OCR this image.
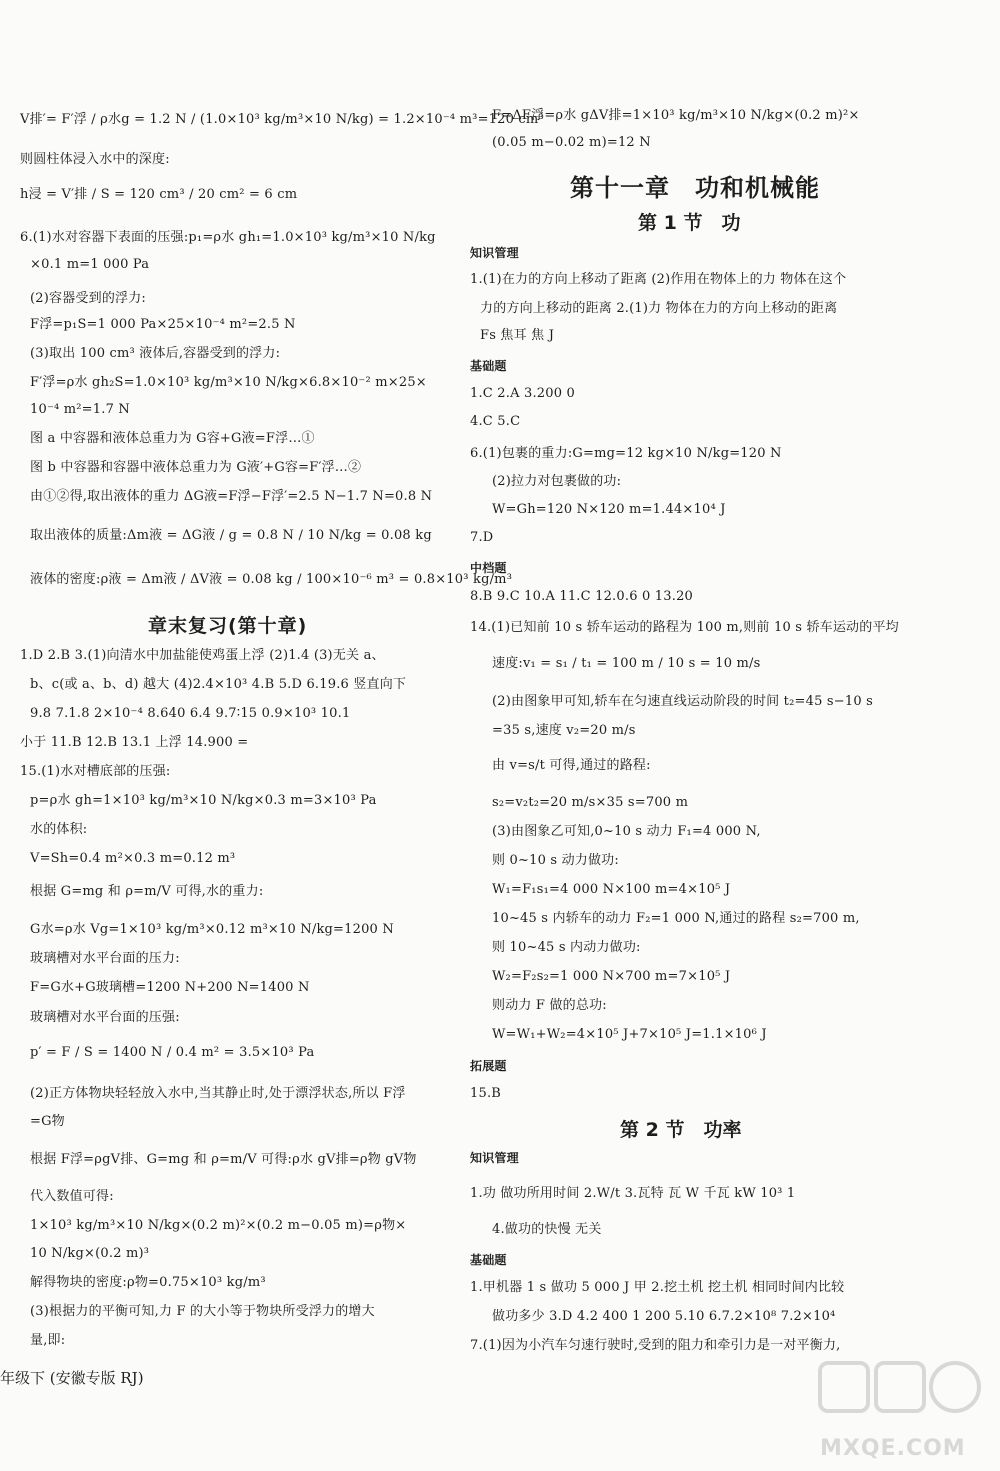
V排′= F′浮 / ρ水g = 1.2 N / (1.0×10³ kg/m³×10 N/kg) = 1.2×10⁻⁴ m³=120 cm³
则圆柱体浸入水中的深度:
h浸 = V′排 / S = 120 cm³ / 20 cm² = 6 cm
6.(1)水对容器下表面的压强:p₁=ρ水 gh₁=1.0×10³ kg/m³×10 N/kg
×0.1 m=1 000 Pa
(2)容器受到的浮力:
F浮=p₁S=1 000 Pa×25×10⁻⁴ m²=2.5 N
(3)取出 100 cm³ 液体后,容器受到的浮力:
F′浮=ρ水 gh₂S=1.0×10³ kg/m³×10 N/kg×6.8×10⁻² m×25×
10⁻⁴ m²=1.7 N
图 a 中容器和液体总重力为 G容+G液=F浮…①
图 b 中容器和容器中液体总重力为 G液′+G容=F′浮…②
由①②得,取出液体的重力 ΔG液=F浮−F浮′=2.5 N−1.7 N=0.8 N
取出液体的质量:Δm液 = ΔG液 / g = 0.8 N / 10 N/kg = 0.08 kg
液体的密度:ρ液 = Δm液 / ΔV液 = 0.08 kg / 100×10⁻⁶ m³ = 0.8×10³ kg/m³
章末复习(第十章)
1.D 2.B 3.(1)向清水中加盐能使鸡蛋上浮 (2)1.4 (3)无关 a、
b、c(或 a、b、d) 越大 (4)2.4×10³ 4.B 5.D 6.19.6 竖直向下
9.8 7.1.8 2×10⁻⁴ 8.640 6.4 9.7∶15 0.9×10³ 10.1
小于 11.B 12.B 13.1 上浮 14.900 =
15.(1)水对槽底部的压强:
p=ρ水 gh=1×10³ kg/m³×10 N/kg×0.3 m=3×10³ Pa
水的体积:
V=Sh=0.4 m²×0.3 m=0.12 m³
根据 G=mg 和 ρ=m/V 可得,水的重力:
G水=ρ水 Vg=1×10³ kg/m³×0.12 m³×10 N/kg=1200 N
玻璃槽对水平台面的压力:
F=G水+G玻璃槽=1200 N+200 N=1400 N
玻璃槽对水平台面的压强:
p′ = F / S = 1400 N / 0.4 m² = 3.5×10³ Pa
(2)正方体物块轻轻放入水中,当其静止时,处于漂浮状态,所以 F浮
=G物
根据 F浮=ρgV排、G=mg 和 ρ=m/V 可得:ρ水 gV排=ρ物 gV物
代入数值可得:
1×10³ kg/m³×10 N/kg×(0.2 m)²×(0.2 m−0.05 m)=ρ物×
10 N/kg×(0.2 m)³
解得物块的密度:ρ物=0.75×10³ kg/m³
(3)根据力的平衡可知,力 F 的大小等于物块所受浮力的增大
量,即:
年级下 (安徽专版 RJ)
F=ΔF浮=ρ水 gΔV排=1×10³ kg/m³×10 N/kg×(0.2 m)²×
(0.05 m−0.02 m)=12 N
第十一章　功和机械能
第 1 节　功
知识管理
1.(1)在力的方向上移动了距离 (2)作用在物体上的力 物体在这个
力的方向上移动的距离 2.(1)力 物体在力的方向上移动的距离
Fs 焦耳 焦 J
基础题
1.C 2.A 3.200 0
4.C 5.C
6.(1)包裹的重力:G=mg=12 kg×10 N/kg=120 N
(2)拉力对包裹做的功:
W=Gh=120 N×120 m=1.44×10⁴ J
7.D
中档题
8.B 9.C 10.A 11.C 12.0.6 0 13.20
14.(1)已知前 10 s 轿车运动的路程为 100 m,则前 10 s 轿车运动的平均
速度:v₁ = s₁ / t₁ = 100 m / 10 s = 10 m/s
(2)由图象甲可知,轿车在匀速直线运动阶段的时间 t₂=45 s−10 s
=35 s,速度 v₂=20 m/s
由 v=s/t 可得,通过的路程:
s₂=v₂t₂=20 m/s×35 s=700 m
(3)由图象乙可知,0~10 s 动力 F₁=4 000 N,
则 0~10 s 动力做功:
W₁=F₁s₁=4 000 N×100 m=4×10⁵ J
10~45 s 内轿车的动力 F₂=1 000 N,通过的路程 s₂=700 m,
则 10~45 s 内动力做功:
W₂=F₂s₂=1 000 N×700 m=7×10⁵ J
则动力 F 做的总功:
W=W₁+W₂=4×10⁵ J+7×10⁵ J=1.1×10⁶ J
拓展题
15.B
第 2 节　功率
知识管理
1.功 做功所用时间 2.W/t 3.瓦特 瓦 W 千瓦 kW 10³ 1
4.做功的快慢 无关
基础题
1.甲机器 1 s 做功 5 000 J 甲 2.挖土机 挖土机 相同时间内比较
做功多少 3.D 4.2 400 1 200 5.10 6.7.2×10⁸ 7.2×10⁴
7.(1)因为小汽车匀速行驶时,受到的阻力和牵引力是一对平衡力,
MXQE.COM
